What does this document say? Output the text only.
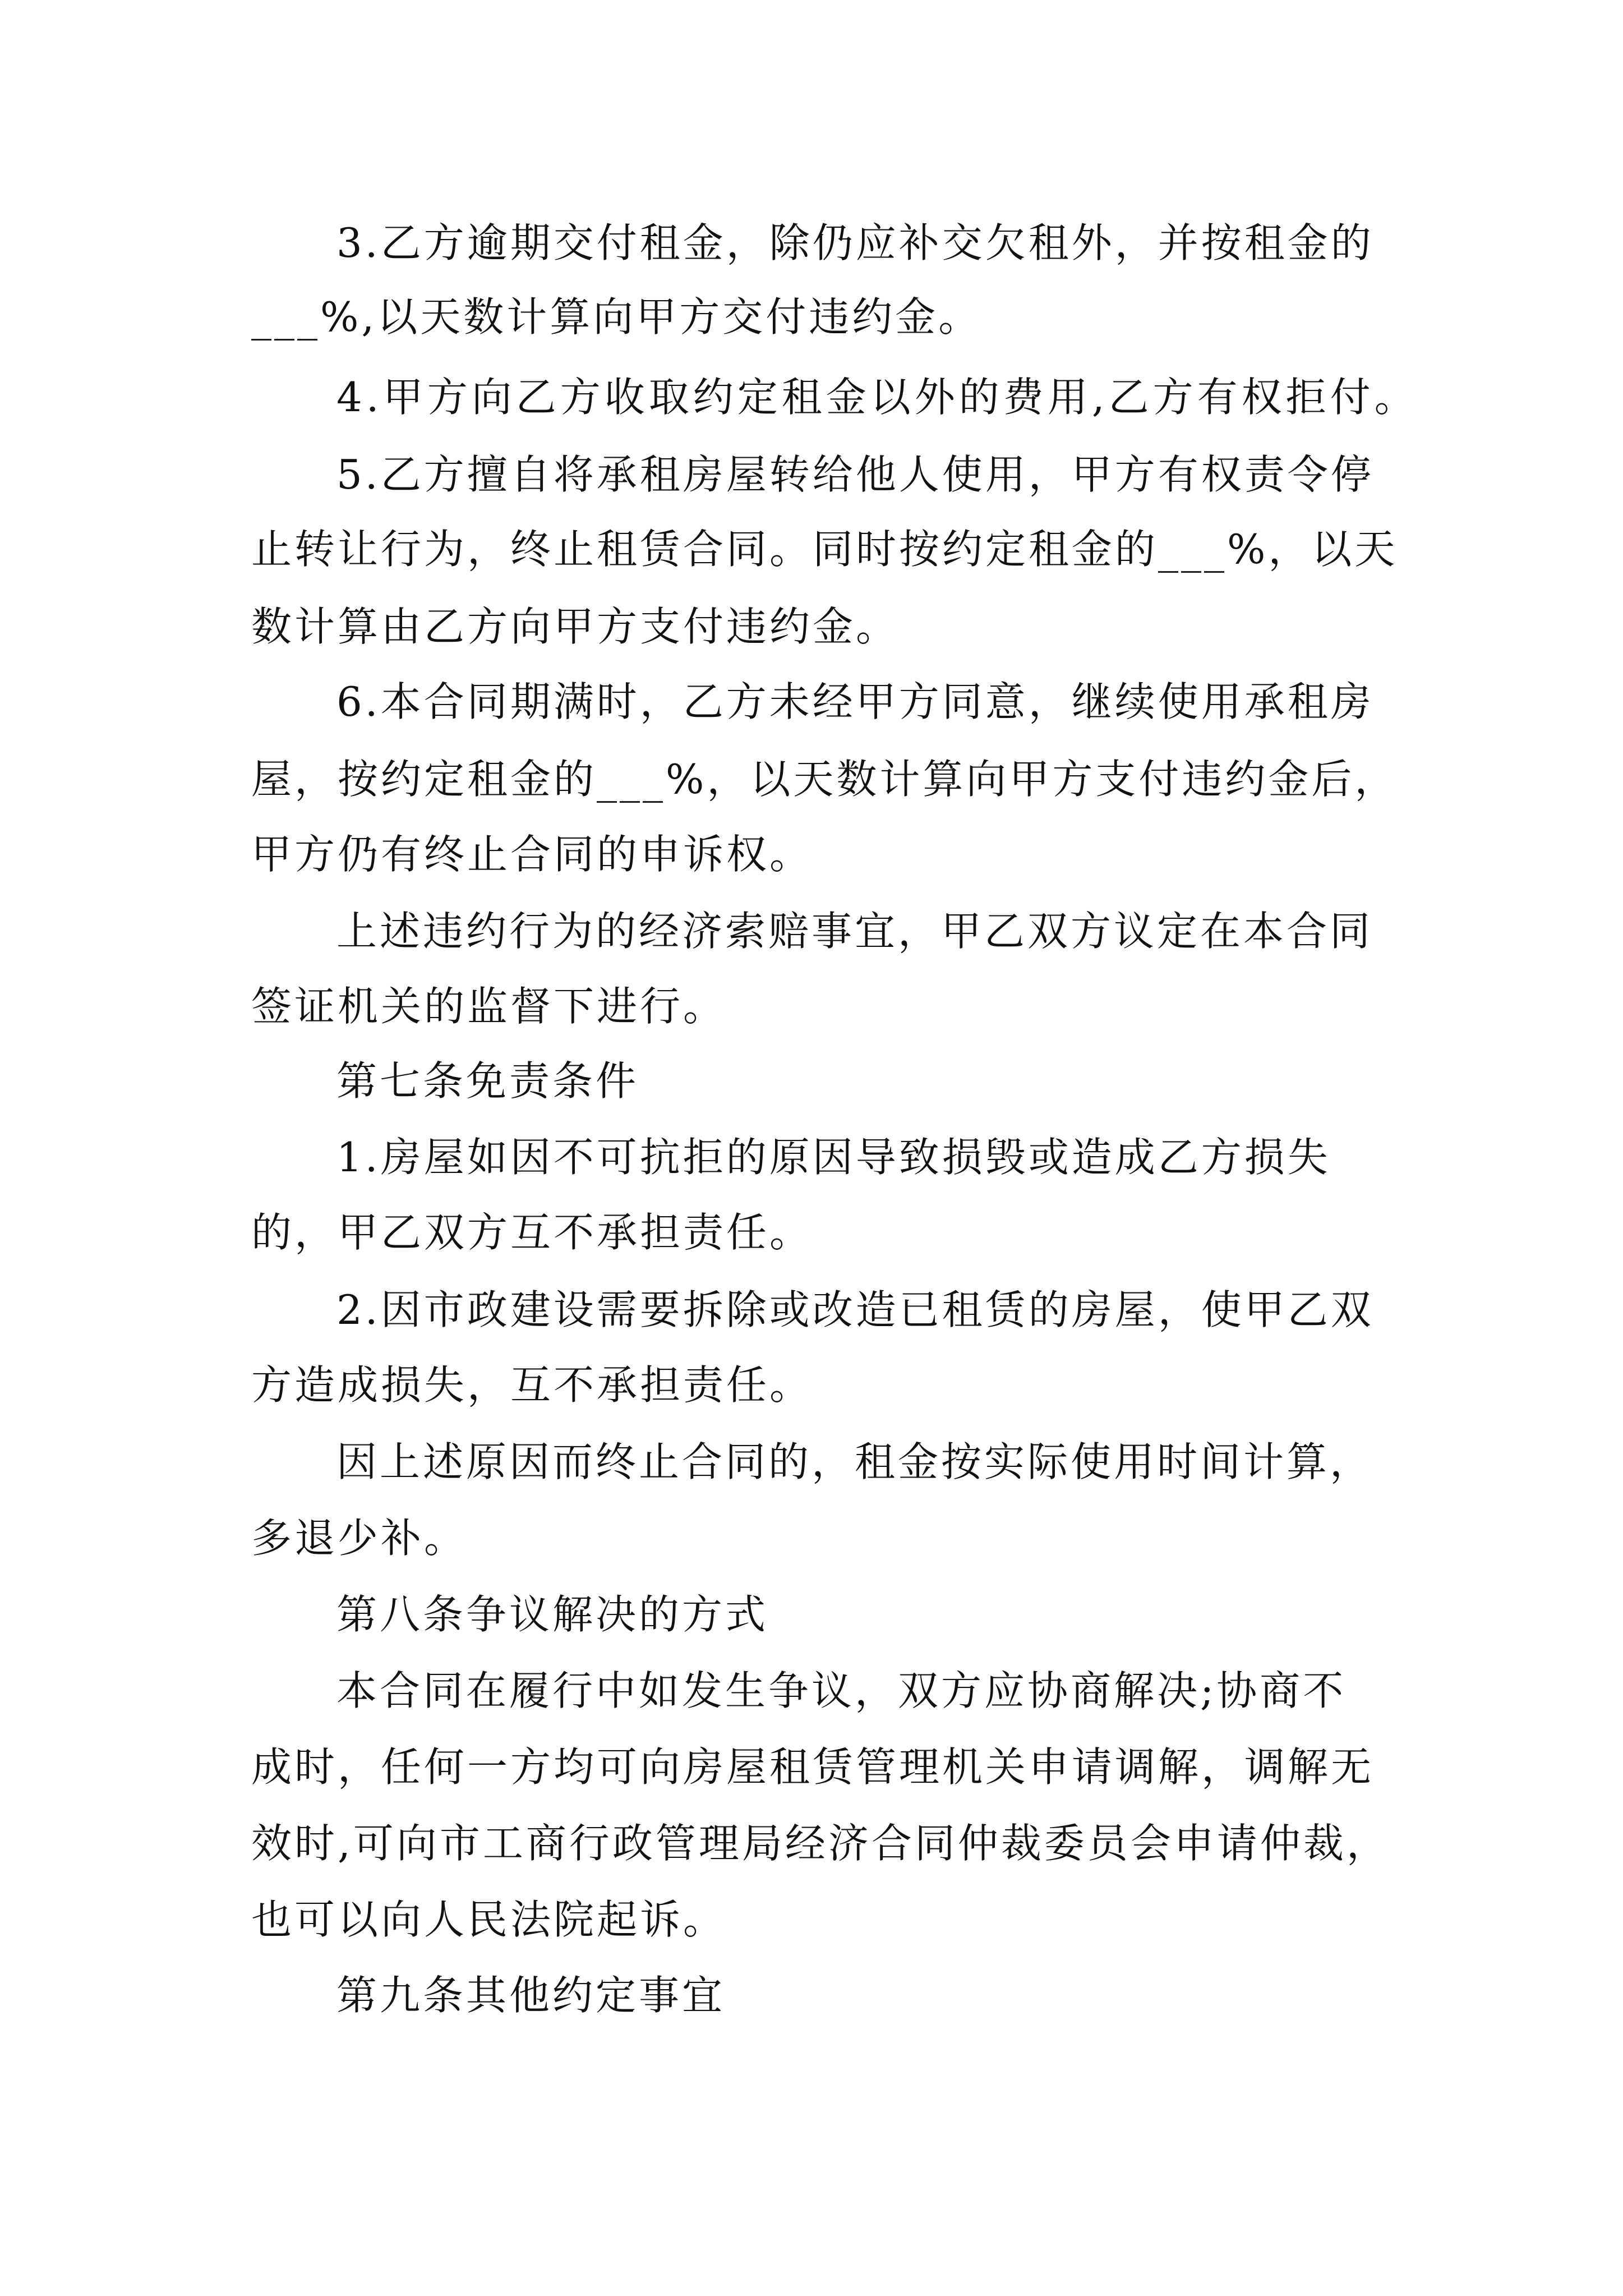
3.乙方逾期交付租金，除仍应补交欠租外，并按租金的
___%,以天数计算向甲方交付违约金。
4.甲方向乙方收取约定租金以外的费用,乙方有权拒付。
5.乙方擅自将承租房屋转给他人使用，甲方有权责令停
止转让行为，终止租赁合同。同时按约定租金的___%，以天
数计算由乙方向甲方支付违约金。
6.本合同期满时，乙方未经甲方同意，继续使用承租房
屋，按约定租金的___%，以天数计算向甲方支付违约金后，
甲方仍有终止合同的申诉权。
上述违约行为的经济索赔事宜，甲乙双方议定在本合同
签证机关的监督下进行。
第七条免责条件
1.房屋如因不可抗拒的原因导致损毁或造成乙方损失
的，甲乙双方互不承担责任。
2.因市政建设需要拆除或改造已租赁的房屋，使甲乙双
方造成损失，互不承担责任。
因上述原因而终止合同的，租金按实际使用时间计算，
多退少补。
第八条争议解决的方式
本合同在履行中如发生争议，双方应协商解决;协商不
成时，任何一方均可向房屋租赁管理机关申请调解，调解无
效时,可向市工商行政管理局经济合同仲裁委员会申请仲裁，
也可以向人民法院起诉。
第九条其他约定事宜
